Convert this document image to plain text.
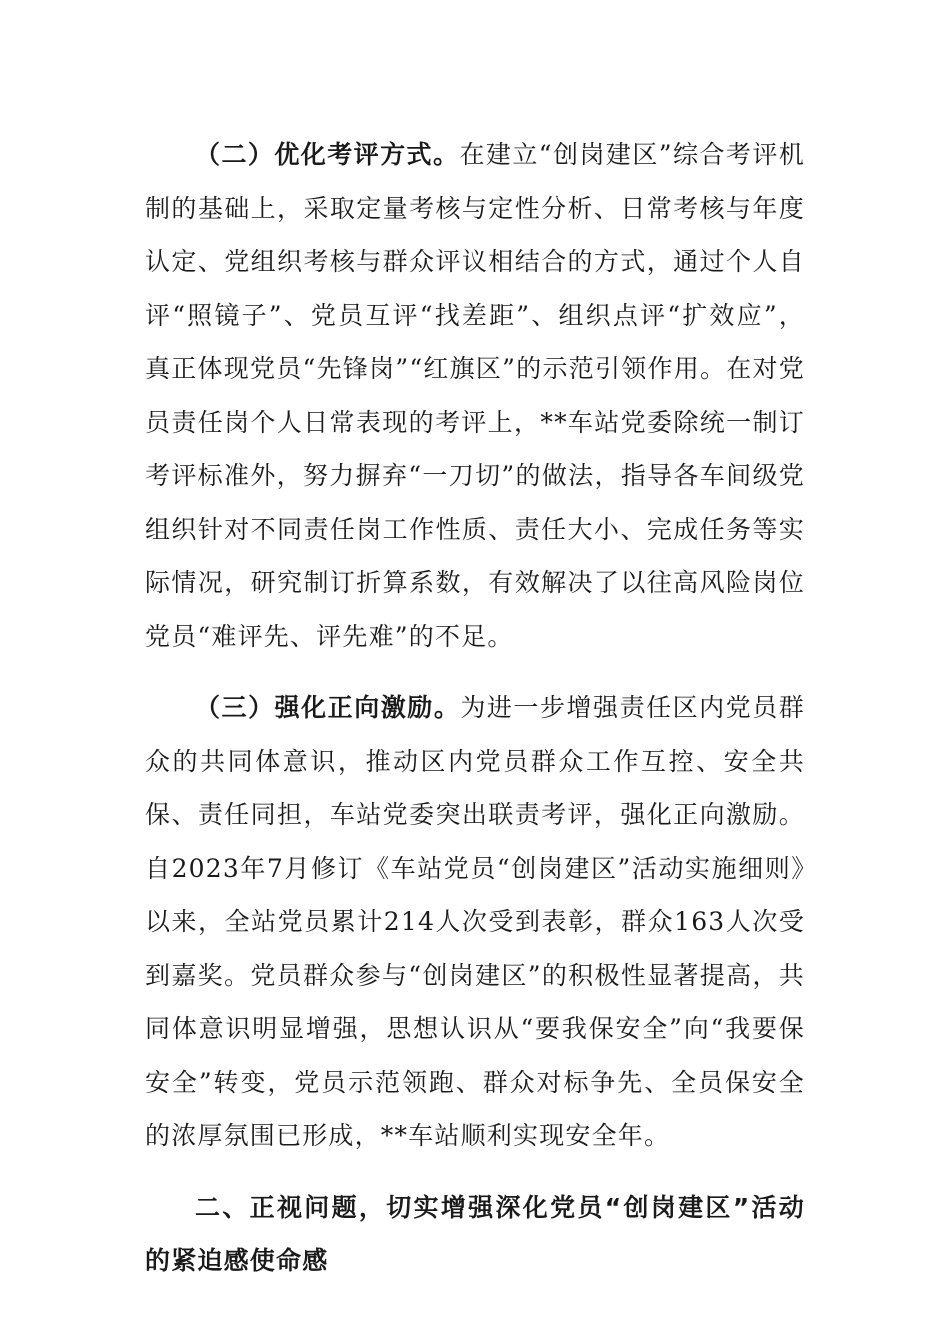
（二）优化考评方式。在建立“创岗建区”综合考评机制的基础上，采取定量考核与定性分析、日常考核与年度认定、党组织考核与群众评议相结合的方式，通过个人自评“照镜子”、党员互评“找差距”、组织点评“扩效应”，真正体现党员“先锋岗”“红旗区”的示范引领作用。在对党员责任岗个人日常表现的考评上，**车站党委除统一制订考评标准外，努力摒弃“一刀切”的做法，指导各车间级党组织针对不同责任岗工作性质、责任大小、完成任务等实际情况，研究制订折算系数，有效解决了以往高风险岗位党员“难评先、评先难”的不足。

（三）强化正向激励。为进一步增强责任区内党员群众的共同体意识，推动区内党员群众工作互控、安全共保、责任同担，车站党委突出联责考评，强化正向激励。自2023年7月修订《车站党员“创岗建区”活动实施细则》以来，全站党员累计214人次受到表彰，群众163人次受到嘉奖。党员群众参与“创岗建区”的积极性显著提高，共同体意识明显增强，思想认识从“要我保安全”向“我要保安全”转变，党员示范领跑、群众对标争先、全员保安全的浓厚氛围已形成，**车站顺利实现安全年。

二、正视问题，切实增强深化党员“创岗建区”活动的紧迫感使命感
